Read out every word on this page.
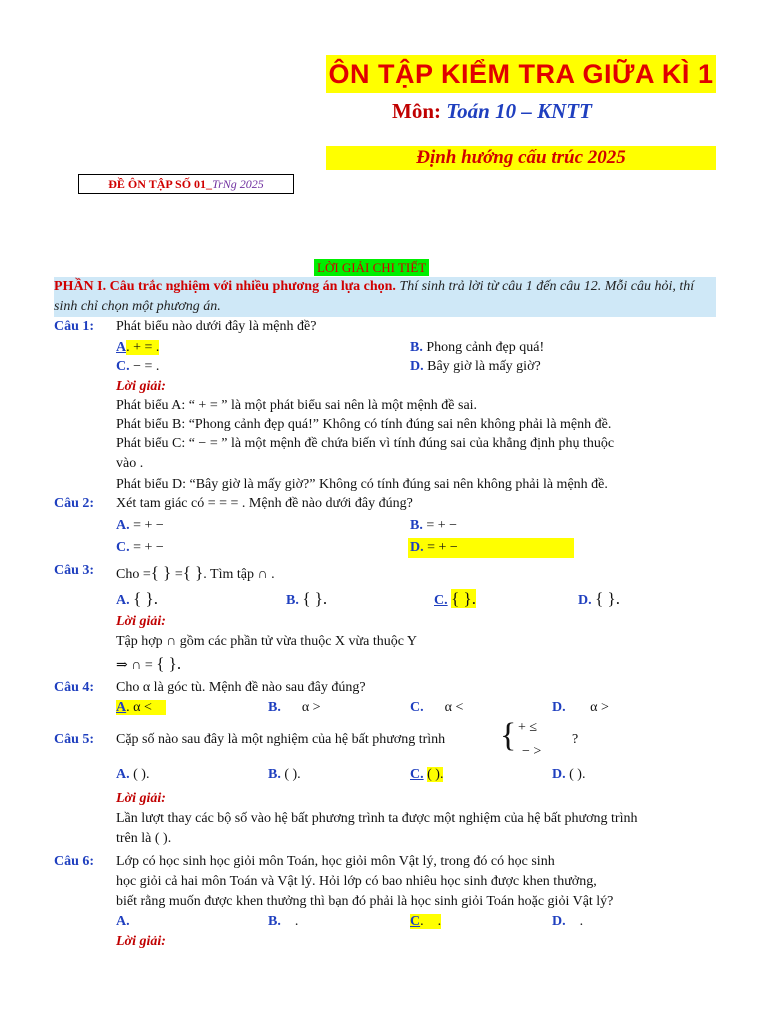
ÔN TẬP KIỂM TRA GIỮA KÌ 1
Môn: Toán 10 – KNTT
Định hướng cấu trúc 2025
ĐỀ ÔN TẬP SỐ 01_TrNg 2025
LỜI GIẢI CHI TIẾT
PHẦN I. Câu trắc nghiệm với nhiều phương án lựa chọn. Thí sinh trả lời từ câu 1 đến câu 12. Mỗi câu hỏi, thí sinh chỉ chọn một phương án.
Câu 1: Phát biểu nào dưới đây là mệnh đề?
A. + = .	B. Phong cảnh đẹp quá!
C. − = .	D. Bây giờ là mấy giờ?
Lời giải:
Phát biểu A: “ + = ” là một phát biểu sai nên là một mệnh đề sai.
Phát biểu B: “Phong cảnh đẹp quá!” Không có tính đúng sai nên không phải là mệnh đề.
Phát biểu C: “ − = ” là một mệnh đề chứa biến vì tính đúng sai của khẳng định phụ thuộc
vào .
Phát biểu D: “Bây giờ là mấy giờ?” Không có tính đúng sai nên không phải là mệnh đề.
Câu 2: Xét tam giác có = = = . Mệnh đề nào dưới đây đúng?
A. = + −	B. = + −
C. = + −	D. = + −
Câu 3: Cho ={ } ={ }. Tìm tập ∩ .
A. { }.	B. { }.	C. { }.	D. { }.
Lời giải:
Tập hợp ∩ gồm các phần tử vừa thuộc X vừa thuộc Y
⇒ ∩ = { }.
Câu 4: Cho α là góc tù. Mệnh đề nào sau đây đúng?
A. α <	B. α >	C. α <	D. α >
Câu 5: Cặp số nào sau đây là một nghiệm của hệ bất phương trình { + ≤
− >
?
A. ( ).	B. ( ).	C. ( ).	D. ( ).
Lời giải:
Lần lượt thay các bộ số vào hệ bất phương trình ta được một nghiệm của hệ bất phương trình
trên là ( ).
Câu 6: Lớp có học sinh học giỏi môn Toán, học giỏi môn Vật lý, trong đó có học sinh
học giỏi cả hai môn Toán và Vật lý. Hỏi lớp có bao nhiêu học sinh được khen thưởng,
biết rằng muốn được khen thưởng thì bạn đó phải là học sinh giỏi Toán hoặc giỏi Vật lý?
A.	B.    .	C.    .	D.    .
Lời giải:
